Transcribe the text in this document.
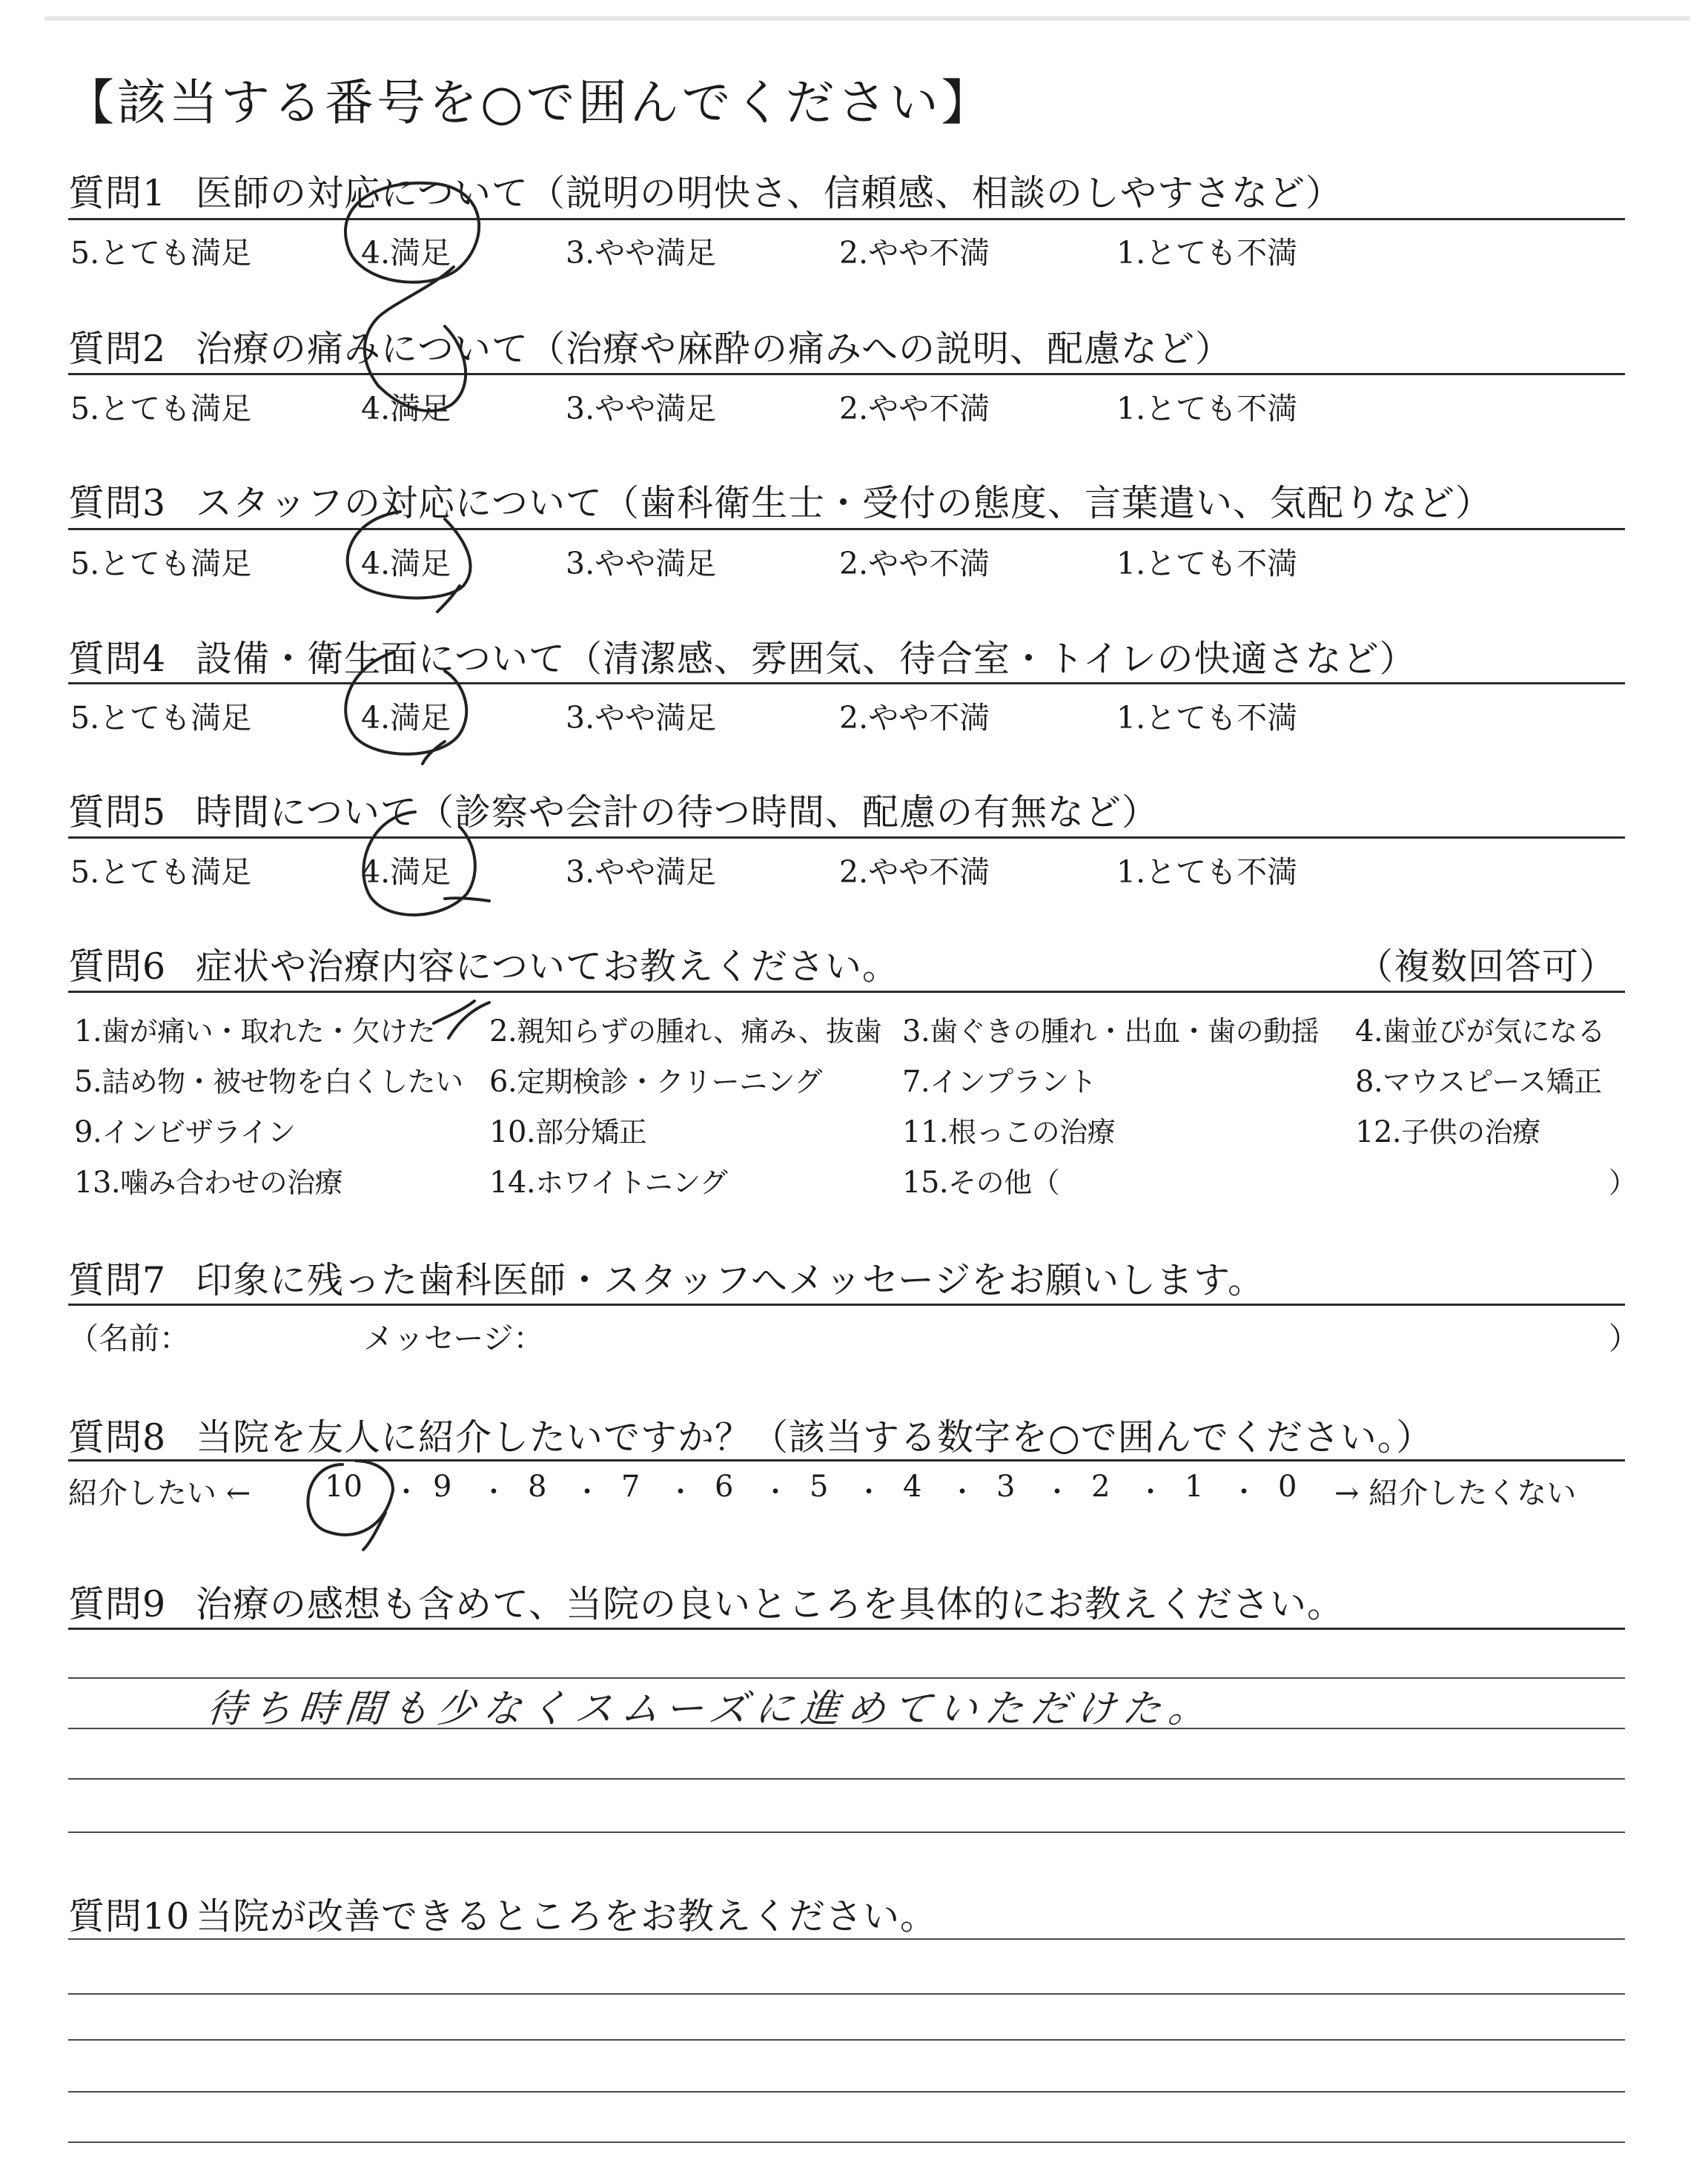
【該当する番号を○で囲んでください】
質問1 医師の対応について（説明の明快さ、信頼感、相談のしやすさなど）
5.とても満足	4.満足	3.やや満足	2.やや不満	1.とても不満
質問2 治療の痛みについて（治療や麻酔の痛みへの説明、配慮など）
5.とても満足	4.満足	3.やや満足	2.やや不満	1.とても不満
質問3 スタッフの対応について（歯科衛生士・受付の態度、言葉遣い、気配りなど）
5.とても満足	4.満足	3.やや満足	2.やや不満	1.とても不満
質問4 設備・衛生面について（清潔感、雰囲気、待合室・トイレの快適さなど）
5.とても満足	4.満足	3.やや満足	2.やや不満	1.とても不満
質問5 時間について（診察や会計の待つ時間、配慮の有無など）
5.とても満足	4.満足	3.やや満足	2.やや不満	1.とても不満
質問6 症状や治療内容についてお教えください。	（複数回答可）
1.歯が痛い・取れた・欠けた 2.親知らずの腫れ、痛み、抜歯 3.歯ぐきの腫れ・出血・歯の動揺 4.歯並びが気になる
5.詰め物・被せ物を白くしたい 6.定期検診・クリーニング	7.インプラント	8.マウスピース矯正
9.インビザライン	10.部分矯正	11.根っこの治療	12.子供の治療
13.噛み合わせの治療	14.ホワイトニング	15.その他（	）
質問7 印象に残った歯科医師・スタッフへメッセージをお願いします。
（名前：	メッセージ：	）
質問8 当院を友人に紹介したいですか？（該当する数字を○で囲んでください。）
紹介したい ← 10 9	8	7	6	5	4	3	2	1	0
・ ・ ・ ・	・ ・ ・	・ ・ ・	→ 紹介したくない
質問9 治療の感想も含めて、当院の良いところを具体的にお教えください。
待ち時間も少なくスムーズに進めていただけた。
質問10 当院が改善できるところをお教えください。
